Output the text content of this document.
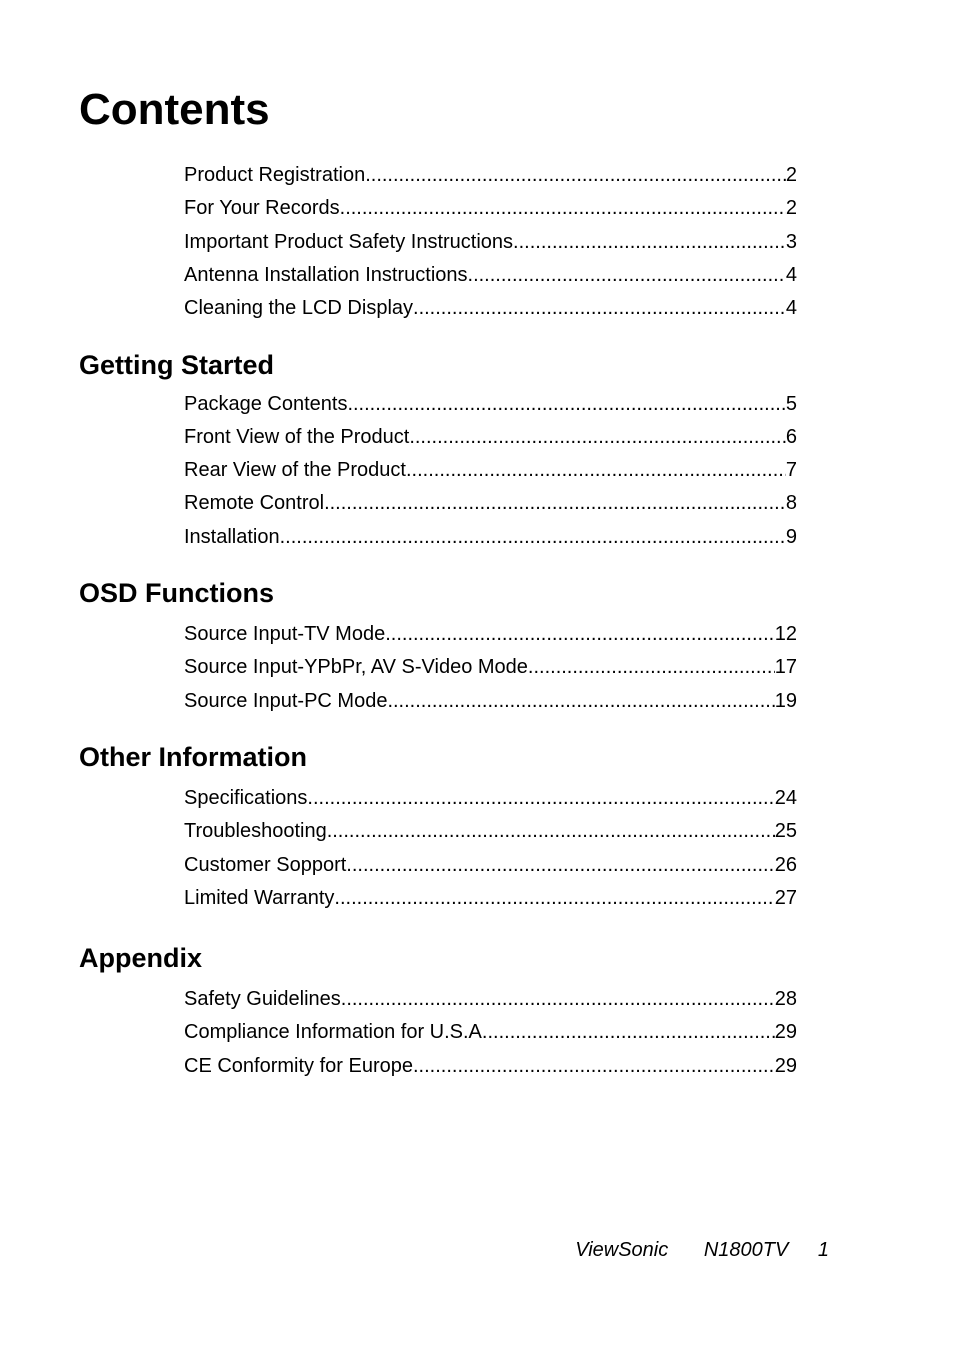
Contents
Product Registration .....	2
For Your Records .....	2
Important Product Safety Instructions .....	3
Antenna Installation Instructions .....	4
Cleaning the LCD Display .....	4
Getting Started
Package Contents .....	5
Front View of the Product .....	6
Rear View of the Product .....	7
Remote Control .....	8
Installation .....	9
OSD Functions
Source Input-TV Mode .....	12
Source Input-YPbPr, AV S-Video Mode .....	17
Source Input-PC Mode .....	19
Other Information
Specifications .....	24
Troubleshooting .....	25
Customer Sopport .....	26
Limited Warranty .....	27
Appendix
Safety Guidelines .....	28
Compliance Information for U.S.A. .....	29
CE Conformity for Europe .....	29
ViewSonic N1800TV 1
